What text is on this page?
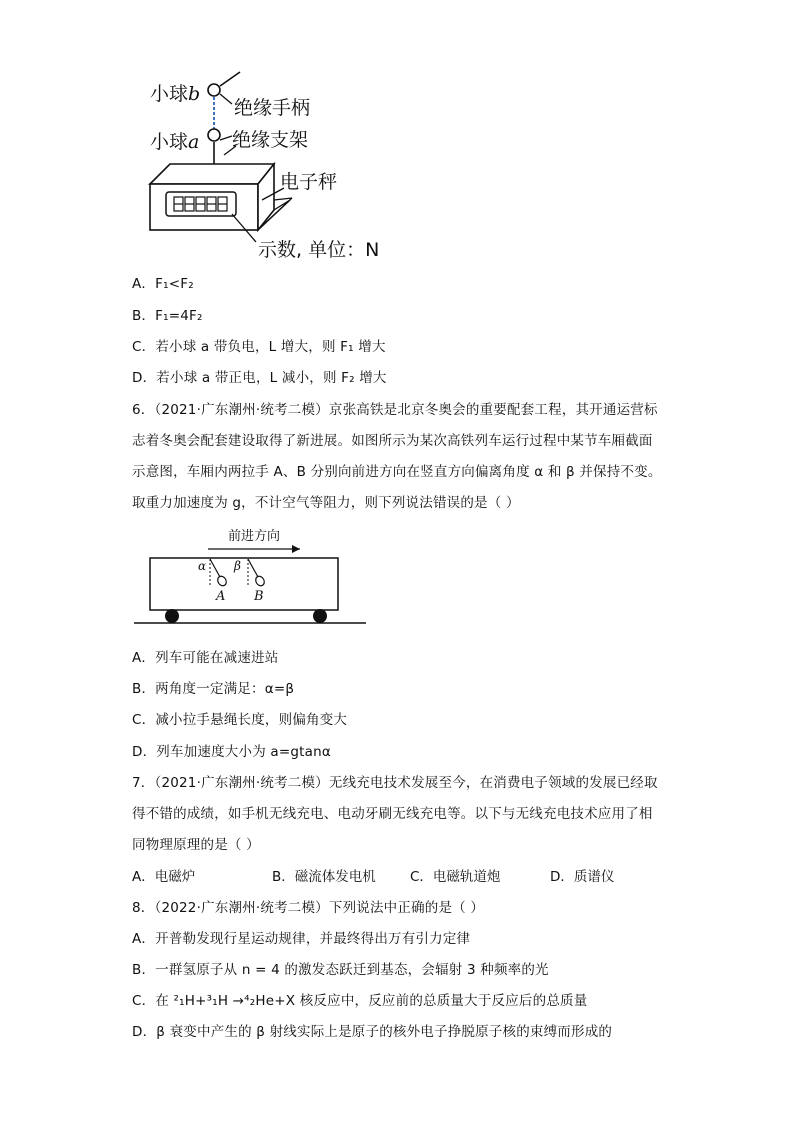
小球b
绝缘手柄
小球a 绝缘支架
电子秤
示数, 单位：N
A．F₁<F₂
B．F₁=4F₂
C．若小球 a 带负电，L 增大，则 F₁ 增大
D．若小球 a 带正电，L 减小，则 F₂ 增大
6．（2021·广东潮州·统考二模）京张高铁是北京冬奥会的重要配套工程，其开通运营标
志着冬奥会配套建设取得了新进展。如图所示为某次高铁列车运行过程中某节车厢截面
示意图，车厢内两拉手 A、B 分别向前进方向在竖直方向偏离角度 α 和 β 并保持不变。
取重力加速度为 g，不计空气等阻力，则下列说法错误的是（ ）
前进方向
α
A
β
B
A．列车可能在减速进站
B．两角度一定满足：α=β
C．减小拉手悬绳长度，则偏角变大
D．列车加速度大小为 a=gtanα
7．（2021·广东潮州·统考二模）无线充电技术发展至今，在消费电子领域的发展已经取
得不错的成绩，如手机无线充电、电动牙刷无线充电等。以下与无线充电技术应用了相
同物理原理的是（ ）
A．电磁炉	B．磁流体发电机	C．电磁轨道炮	D．质谱仪
8．（2022·广东潮州·统考二模）下列说法中正确的是（ ）
A．开普勒发现行星运动规律，并最终得出万有引力定律
B．一群氢原子从 n = 4 的激发态跃迁到基态，会辐射 3 种频率的光
C．在 ²₁H+³₁H →⁴₂He+X 核反应中，反应前的总质量大于反应后的总质量
D．β 衰变中产生的 β 射线实际上是原子的核外电子挣脱原子核的束缚而形成的
